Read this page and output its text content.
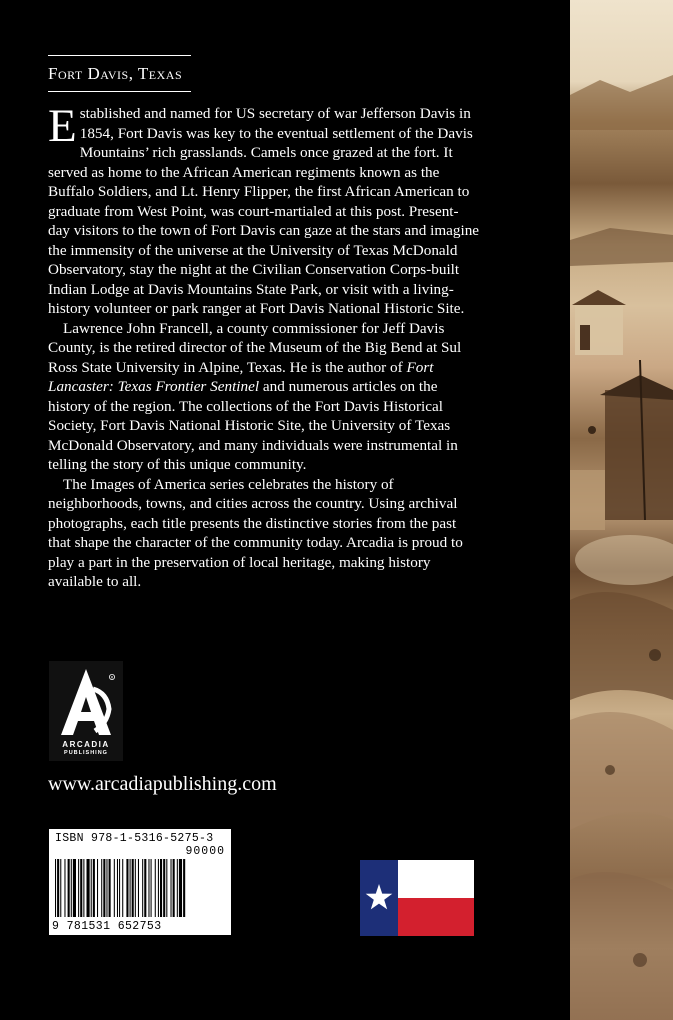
Fort Davis, Texas

Established and named for US secretary of war Jefferson Davis in 1854, Fort Davis was key to the eventual settlement of the Davis Mountains’ rich grasslands. Camels once grazed at the fort. It served as home to the African American regiments known as the Buffalo Soldiers, and Lt. Henry Flipper, the first African American to graduate from West Point, was court-martialed at this post. Present-day visitors to the town of Fort Davis can gaze at the stars and imagine the immensity of the universe at the University of Texas McDonald Observatory, stay the night at the Civilian Conservation Corps-built Indian Lodge at Davis Mountains State Park, or visit with a living-history volunteer or park ranger at Fort Davis National Historic Site.

Lawrence John Francell, a county commissioner for Jeff Davis County, is the retired director of the Museum of the Big Bend at Sul Ross State University in Alpine, Texas. He is the author of Fort Lancaster: Texas Frontier Sentinel and numerous articles on the history of the region. The collections of the Fort Davis Historical Society, Fort Davis National Historic Site, the University of Texas McDonald Observatory, and many individuals were instrumental in telling the story of this unique community.

The Images of America series celebrates the history of neighborhoods, towns, and cities across the country. Using archival photographs, each title presents the distinctive stories from the past that shape the character of the community today. Arcadia is proud to play a part in the preservation of local heritage, making history available to all.

R
ARCADIA
PUBLISHING
www.arcadiapublishing.com
ISBN 978-1-5316-5275-3
90000
9 781531 652753
